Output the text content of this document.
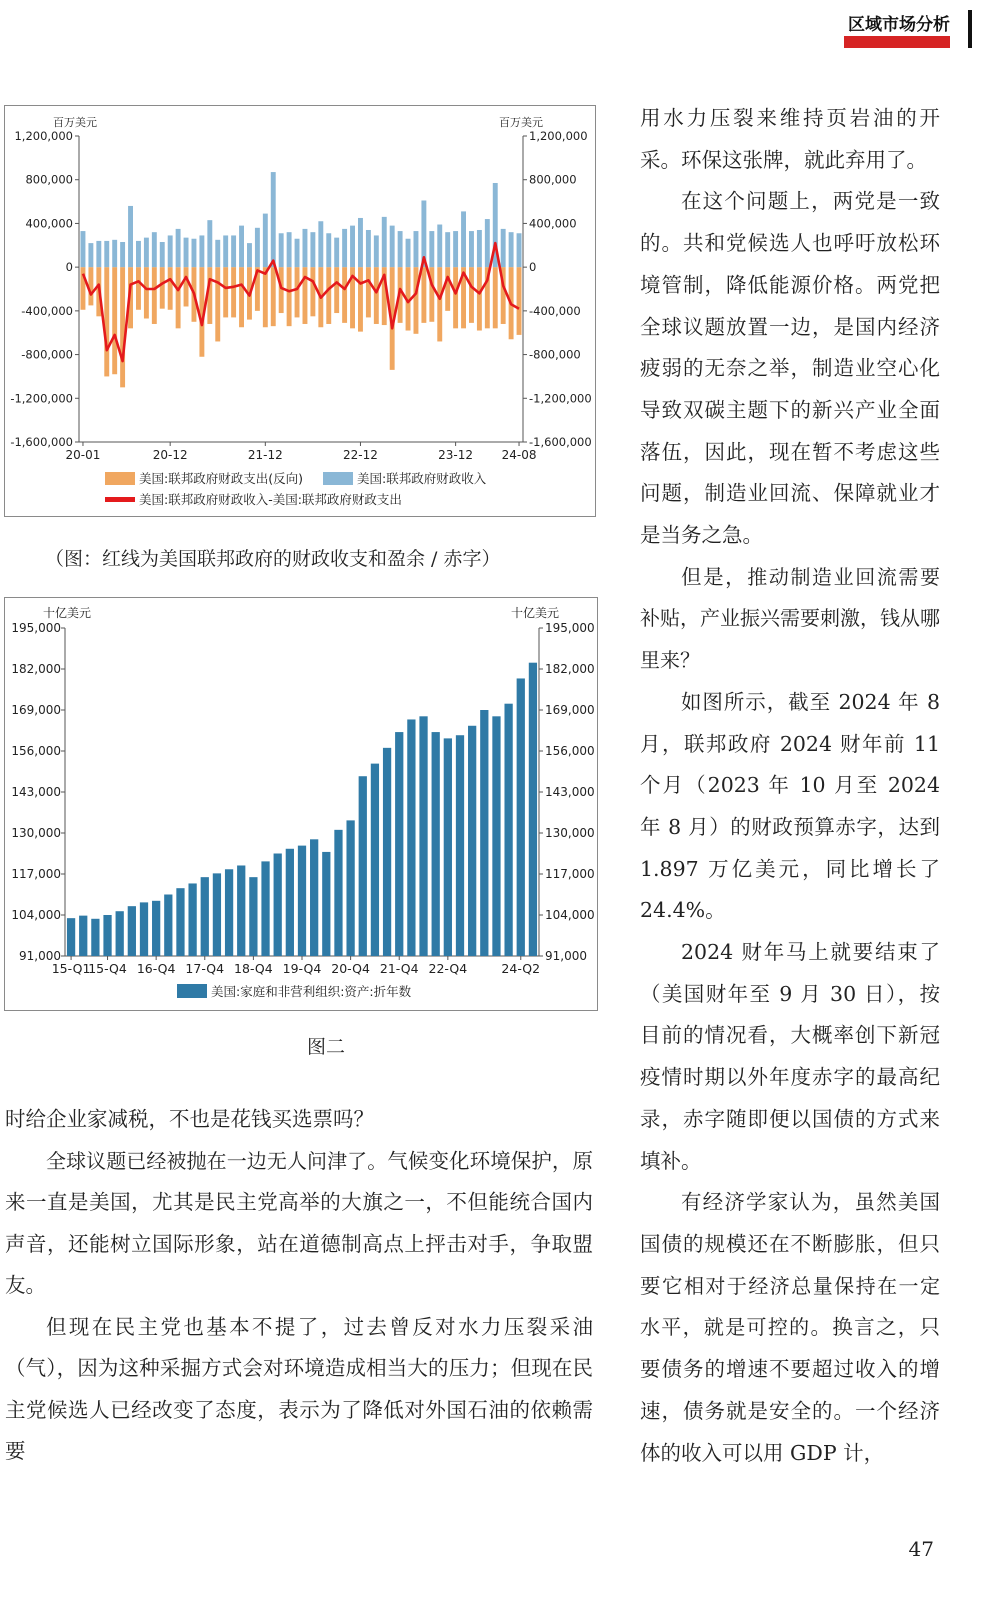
区域市场分析
百万美元	百万美元
1,200,000	1,200,000
800,000	800,000
400,000	400,000
0	0
-400,000	-400,000
-800,000	-800,000
-1,200,000	-1,200,000
-1,600,000	-1,600,000
20-01	20-12	21-12	22-12	23-12 24-08
美国:联邦政府财政支出(反向)	美国:联邦政府财政收入
美国:联邦政府财政收入-美国:联邦政府财政支出
（图：红线为美国联邦政府的财政收支和盈余 / 赤字）
十亿美元	十亿美元
195,000	195,000
182,000	182,000
169,000	169,000
156,000	156,000
143,000	143,000
130,000	130,000
117,000	117,000
104,000	104,000
91,000	91,000
15-Q1
15-Q4 16-Q4 17-Q4 18-Q4 19-Q4 20-Q4 21-Q4 22-Q4	24-Q2
美国:家庭和非营利组织:资产:折年数
图二

时给企业家减税，不也是花钱买选票吗？

全球议题已经被抛在一边无人问津了。气候变化环境保护，原来一直是美国，尤其是民主党高举的大旗之一，不但能统合国内声音，还能树立国际形象，站在道德制高点上抨击对手，争取盟友。

但现在民主党也基本不提了，过去曾反对水力压裂采油（气），因为这种采掘方式会对环境造成相当大的压力；但现在民主党候选人已经改变了态度，表示为了降低对外国石油的依赖需要

用水力压裂来维持页岩油的开采。环保这张牌，就此弃用了。

在这个问题上，两党是一致的。共和党候选人也呼吁放松环境管制，降低能源价格。两党把全球议题放置一边，是国内经济疲弱的无奈之举，制造业空心化导致双碳主题下的新兴产业全面落伍，因此，现在暂不考虑这些问题，制造业回流、保障就业才是当务之急。

但是，推动制造业回流需要补贴，产业振兴需要刺激，钱从哪里来？

如图所示，截至 2024 年 8 月，联邦政府 2024 财年前 11 个月（2023 年 10 月至 2024 年 8 月）的财政预算赤字，达到 1.897 万亿美元，同比增长了 24.4%。

2024 财年马上就要结束了（美国财年至 9 月 30 日），按目前的情况看，大概率创下新冠疫情时期以外年度赤字的最高纪录，赤字随即便以国债的方式来填补。

有经济学家认为，虽然美国国债的规模还在不断膨胀，但只要它相对于经济总量保持在一定水平，就是可控的。换言之，只要债务的增速不要超过收入的增速，债务就是安全的。一个经济体的收入可以用 GDP 计，

47
